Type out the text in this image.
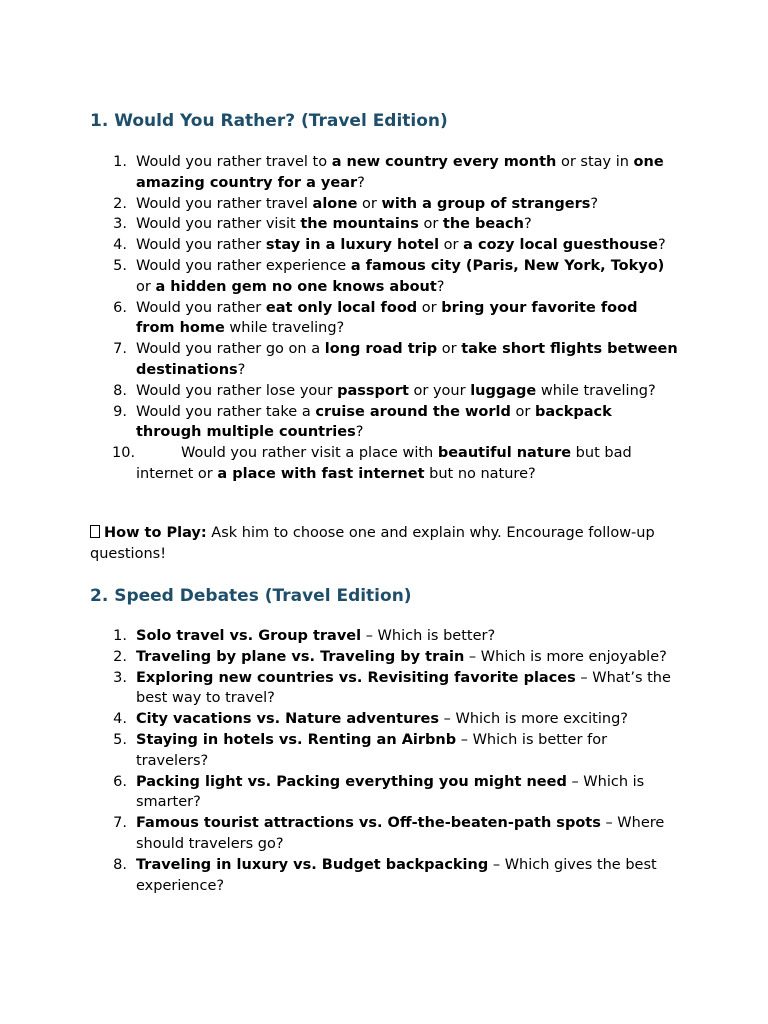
1. Would You Rather? (Travel Edition)
1. Would you rather travel to a new country every month or stay in one amazing country for a year?
2. Would you rather travel alone or with a group of strangers?
3. Would you rather visit the mountains or the beach?
4. Would you rather stay in a luxury hotel or a cozy local guesthouse?
5. Would you rather experience a famous city (Paris, New York, Tokyo) or a hidden gem no one knows about?
6. Would you rather eat only local food or bring your favorite food from home while traveling?
7. Would you rather go on a long road trip or take short flights between destinations?
8. Would you rather lose your passport or your luggage while traveling?
9. Would you rather take a cruise around the world or backpack through multiple countries?
10.	Would you rather visit a place with beautiful nature but bad internet or a place with fast internet but no nature?

How to Play: Ask him to choose one and explain why. Encourage follow-up questions!

2. Speed Debates (Travel Edition)
1. Solo travel vs. Group travel – Which is better?
2. Traveling by plane vs. Traveling by train – Which is more enjoyable?
3. Exploring new countries vs. Revisiting favorite places – What’s the best way to travel?
4. City vacations vs. Nature adventures – Which is more exciting?
5. Staying in hotels vs. Renting an Airbnb – Which is better for travelers?
6. Packing light vs. Packing everything you might need – Which is smarter?
7. Famous tourist attractions vs. Off-the-beaten-path spots – Where should travelers go?
8. Traveling in luxury vs. Budget backpacking – Which gives the best experience?
